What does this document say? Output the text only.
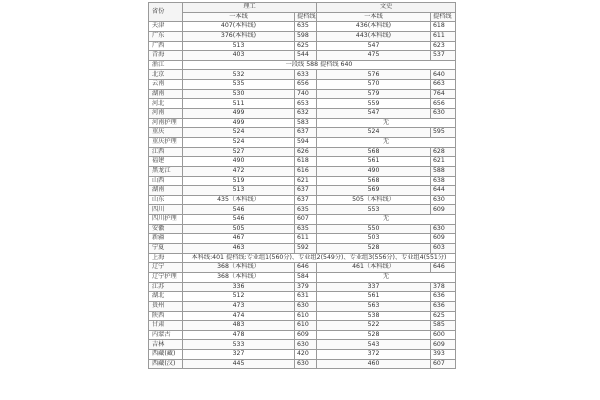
省份	理工		文史	
	一本线	提档线	一本线	提档线
天津	407(本科线)	635	436(本科线)	618
广东	376(本科线)	598	443(本科线)	611
广西	513	625	547	623
青海	403	544	475	537
浙江	一段线 588 提档线 640			
北京	532	633	576	640
云南	535	656	570	663
湖南	530	740	579	764
河北	511	653	559	656
河南	499	632	547	630
河南护理	499	583	无	
重庆	524	637	524	595
重庆护理	524	594	无	
江西	527	626	568	628
福建	490	618	561	621
黑龙江	472	616	490	588
山西	519	621	568	638
湖南	513	637	569	644
山东	435（本科线）	637	505（本科线）	630
四川	546	635	553	609
四川护理	546	607	无	
安徽	505	635	550	630
新疆	467	611	503	609
宁夏	463	592	528	603
上海	本科线:401 提档线:专业组1(560分)、专业组2(549分)、专业组3(556分)、专业组4(551分)			
辽宁	368（本科线）	646	461（本科线）	646
辽宁护理	368（本科线）	584	无	
江苏	336	379	337	378
湖北	512	631	561	636
贵州	473	630	563	636
陕西	474	610	538	625
甘肃	483	610	522	585
内蒙古	478	609	528	600
吉林	533	630	543	609
西藏(藏)	327	420	372	393
西藏(汉)	445	630	460	607
